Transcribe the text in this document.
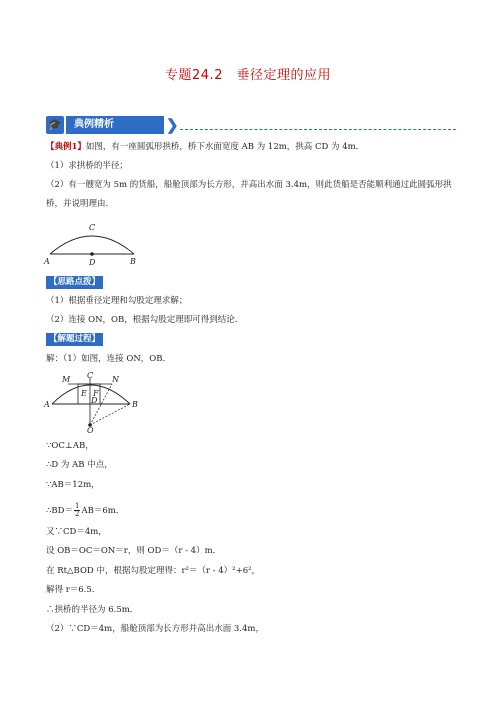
专题24.2　垂径定理的应用
🎓	典例精析	❯
【典例1】如图，有一座圆弧形拱桥，桥下水面宽度 AB 为 12m，拱高 CD 为 4m．
（1）求拱桥的半径；
（2）有一艘宽为 5m 的货船，船舱顶部为长方形，并高出水面 3.4m，则此货船是否能顺利通过此圆弧形拱
桥，并说明理由．
C
A	D	B
【思路点拨】
（1）根据垂径定理和勾股定理求解；
（2）连接 ON，OB，根据勾股定理即可得到结论．
【解题过程】
解：（1）如图，连接 ON，OB．
M C N
A
E F
D	B
O
∵OC⊥AB，
∴D 为 AB 中点，
∵AB＝12m，
∴BD＝ $\frac{1}{2} AB=6m$．
又∵CD＝4m，
设 OB＝OC＝ON＝r，则 OD＝（r - 4）m．
在 Rt△BOD 中，根据勾股定理得：r²＝（r - 4）²+6²，
解得 r＝6.5．
∴拱桥的半径为 6.5m．
（2）∵CD＝4m，船舱顶部为长方形并高出水面 3.4m，
